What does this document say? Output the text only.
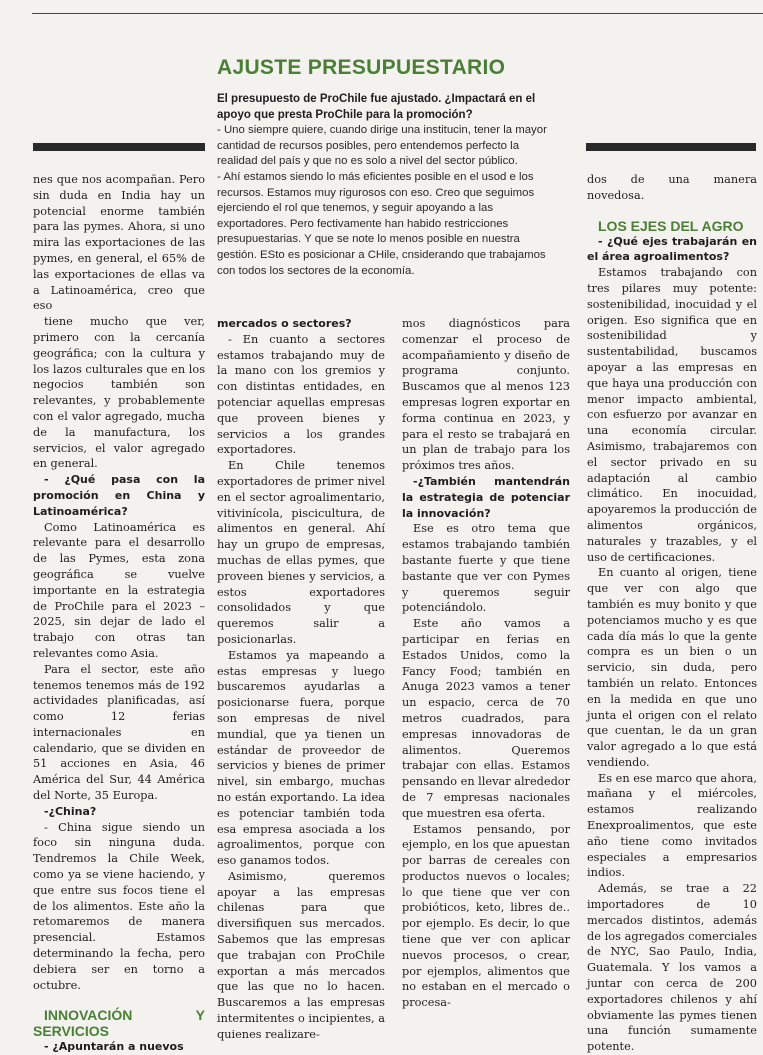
AJUSTE PRESUPUESTARIO

El presupuesto de ProChile fue ajustado. ¿Impactará en el apoyo que presta ProChile para la promoción?

- Uno siempre quiere, cuando dirige una institucin, tener la mayor cantidad de recursos posibles, pero entendemos perfecto la realidad del país y que no es solo a nivel del sector público.

- Ahí estamos siendo lo más eficientes posible en el usod e los recursos. Estamos muy rigurosos con eso. Creo que seguimos ejerciendo el rol que tenemos, y seguir apoyando a las exportadores. Pero fectivamente han habido restricciones presupuestarias. Y que se note lo menos posible en nuestra gestión. ESto es posicionar a CHile, cnsiderando que trabajamos con todos los sectores de la economía.

nes que nos acompañan. Pero sin duda en India hay un potencial enorme también para las pymes. Ahora, si uno mira las exportaciones de las pymes, en general, el 65% de las exportaciones de ellas va a Latinoamérica, creo que eso

tiene mucho que ver, primero con la cercanía geográfica; con la cultura y los lazos culturales que en los negocios también son relevantes, y probablemente con el valor agregado, mucha de la manufactura, los servicios, el valor agregado en general.

- ¿Qué pasa con la promoción en China y Latinoamérica?

Como Latinoamérica es relevante para el desarrollo de las Pymes, esta zona geográfica se vuelve importante en la estrategia de ProChile para el 2023 – 2025, sin dejar de lado el trabajo con otras tan relevantes como Asia.

Para el sector, este año tenemos tenemos más de 192 actividades planificadas, así como 12 ferias internacionales en calendario, que se dividen en 51 acciones en Asia, 46 América del Sur, 44 América del Norte, 35 Europa.

-¿China?

- China sigue siendo un foco sin ninguna duda. Tendremos la Chile Week, como ya se viene haciendo, y que entre sus focos tiene el de los alimentos. Este año la retomaremos de manera presencial. Estamos determinando la fecha, pero debiera ser en torno a octubre.

INNOVACIÓN Y SERVICIOS

- ¿Apuntarán a nuevos

mercados o sectores?

- En cuanto a sectores estamos trabajando muy de la mano con los gremios y con distintas entidades, en potenciar aquellas empresas que proveen bienes y servicios a los grandes exportadores.

En Chile tenemos exportadores de primer nivel en el sector agroalimentario, vitivinícola, piscicultura, de alimentos en general. Ahí hay un grupo de empresas, muchas de ellas pymes, que proveen bienes y servicios, a estos exportadores consolidados y que queremos salir a posicionarlas.

Estamos ya mapeando a estas empresas y luego buscaremos ayudarlas a posicionarse fuera, porque son empresas de nivel mundial, que ya tienen un estándar de proveedor de servicios y bienes de primer nivel, sin embargo, muchas no están exportando. La idea es potenciar también toda esa empresa asociada a los agroalimentos, porque con eso ganamos todos.

Asimismo, queremos apoyar a las empresas chilenas para que diversifiquen sus mercados. Sabemos que las empresas que trabajan con ProChile exportan a más mercados que las que no lo hacen. Buscaremos a las empresas intermitentes o incipientes, a quienes realizare-

mos diagnósticos para comenzar el proceso de acompañamiento y diseño de programa conjunto. Buscamos que al menos 123 empresas logren exportar en forma continua en 2023, y para el resto se trabajará en un plan de trabajo para los próximos tres años.

-¿También mantendrán la estrategia de potenciar la innovación?

Ese es otro tema que estamos trabajando también bastante fuerte y que tiene bastante que ver con Pymes y queremos seguir potenciándolo.

Este año vamos a participar en ferias en Estados Unidos, como la Fancy Food; también en Anuga 2023 vamos a tener un espacio, cerca de 70 metros cuadrados, para empresas innovadoras de alimentos. Queremos trabajar con ellas. Estamos pensando en llevar alrededor de 7 empresas nacionales que muestren esa oferta.

Estamos pensando, por ejemplo, en los que apuestan por barras de cereales con productos nuevos o locales; lo que tiene que ver con probióticos, keto, libres de.. por ejemplo. Es decir, lo que tiene que ver con aplicar nuevos procesos, o crear, por ejemplos, alimentos que no estaban en el mercado o procesa-

dos de una manera novedosa.

LOS EJES DEL AGRO

- ¿Qué ejes trabajarán en el área agroalimentos?

Estamos trabajando con tres pilares muy potente: sostenibilidad, inocuidad y el origen. Eso significa que en sostenibilidad y sustentabilidad, buscamos apoyar a las empresas en que haya una producción con menor impacto ambiental, con esfuerzo por avanzar en una economía circular. Asimismo, trabajaremos con el sector privado en su adaptación al cambio climático. En inocuidad, apoyaremos la producción de alimentos orgánicos, naturales y trazables, y el uso de certificaciones.

En cuanto al origen, tiene que ver con algo que también es muy bonito y que potenciamos mucho y es que cada día más lo que la gente compra es un bien o un servicio, sin duda, pero también un relato. Entonces en la medida en que uno junta el origen con el relato que cuentan, le da un gran valor agregado a lo que está vendiendo.

Es en ese marco que ahora, mañana y el miércoles, estamos realizando Enexproalimentos, que este año tiene como invitados especiales a empresarios indios.

Además, se trae a 22 importadores de 10 mercados distintos, además de los agregados comerciales de NYC, Sao Paulo, India, Guatemala. Y los vamos a juntar con cerca de 200 exportadores chilenos y ahí obviamente las pymes tienen una función sumamente potente.
